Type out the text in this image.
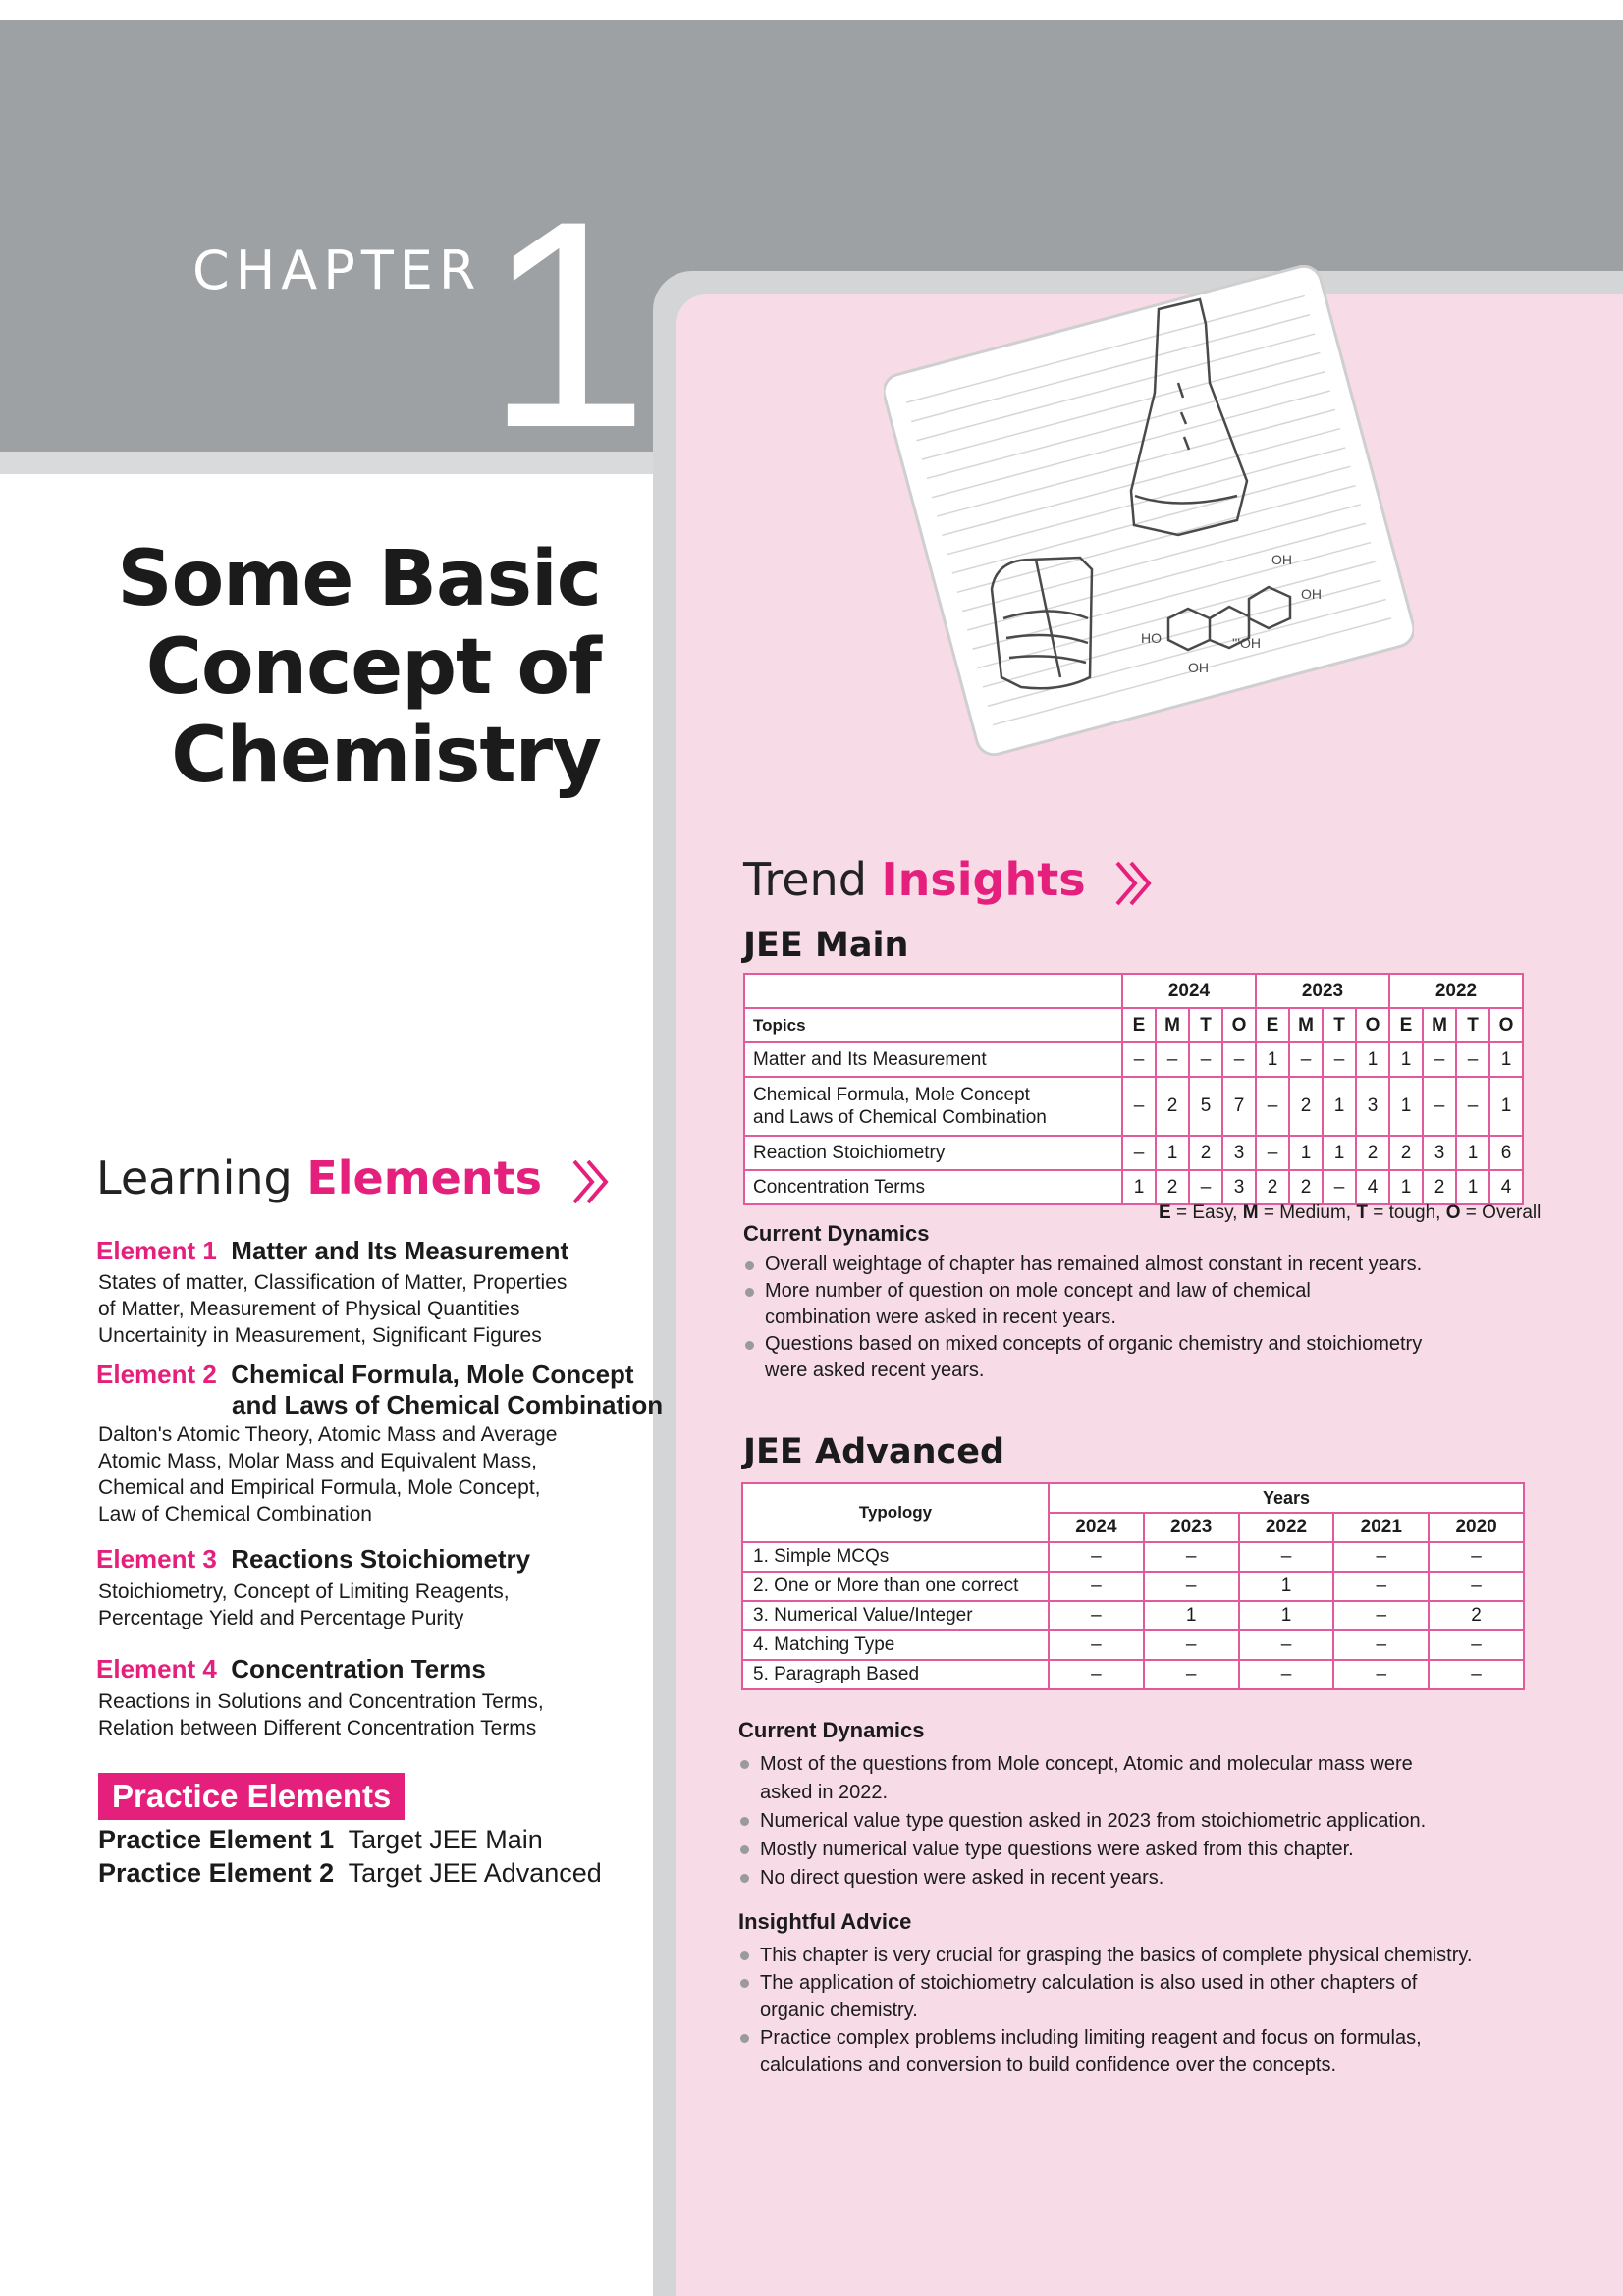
CHAPTER 1
OH
OH
HO	'''OH
OH
Some Basic
Concept of
Chemistry
Learning Elements
Element 1 Matter and Its Measurement
States of matter, Classification of Matter, Properties
of Matter, Measurement of Physical Quantities
Uncertainity in Measurement, Significant Figures
Element 2 Chemical Formula, Mole Concept
and Laws of Chemical Combination
Dalton's Atomic Theory, Atomic Mass and Average
Atomic Mass, Molar Mass and Equivalent Mass,
Chemical and Empirical Formula, Mole Concept,
Law of Chemical Combination
Element 3 Reactions Stoichiometry
Stoichiometry, Concept of Limiting Reagents,
Percentage Yield and Percentage Purity
Element 4 Concentration Terms
Reactions in Solutions and Concentration Terms,
Relation between Different Concentration Terms
Practice Elements
Practice Element 1 Target JEE Main
Practice Element 2 Target JEE Advanced
Trend Insights
JEE Main
	2024				2023				2022			
Topics	E	M	T	O	E	M	T	O	E	M	T	O
Matter and Its Measurement	–	–	–	–	1	–	–	1	1	–	–	1

Chemical Formula, Mole Concept
and Laws of Chemical Combination	–	2	5	7	–	2	1	3	1	–	–	1
Reaction Stoichiometry	–	1	2	3	–	1	1	2	2	3	1	6
Concentration Terms	1	2	–	3	2	2	–	4	1	2	1	4
E = Easy, M = Medium, T = tough, O = Overall
Current Dynamics
Overall weightage of chapter has remained almost constant in recent years.
More number of question on mole concept and law of chemical
combination were asked in recent years.
Questions based on mixed concepts of organic chemistry and stoichiometry
were asked recent years.
JEE Advanced
Typology	Years				
	2024	2023	2022	2021	2020
1. Simple MCQs	–	–	–	–	–
2. One or More than one correct	–	–	1	–	–
3. Numerical Value/Integer	–	1	1	–	2
4. Matching Type	–	–	–	–	–
5. Paragraph Based	–	–	–	–	–
Current Dynamics
Most of the questions from Mole concept, Atomic and molecular mass were
asked in 2022.
Numerical value type question asked in 2023 from stoichiometric application.
Mostly numerical value type questions were asked from this chapter.
No direct question were asked in recent years.
Insightful Advice
This chapter is very crucial for grasping the basics of complete physical chemistry.
The application of stoichiometry calculation is also used in other chapters of
organic chemistry.
Practice complex problems including limiting reagent and focus on formulas,
calculations and conversion to build confidence over the concepts.
